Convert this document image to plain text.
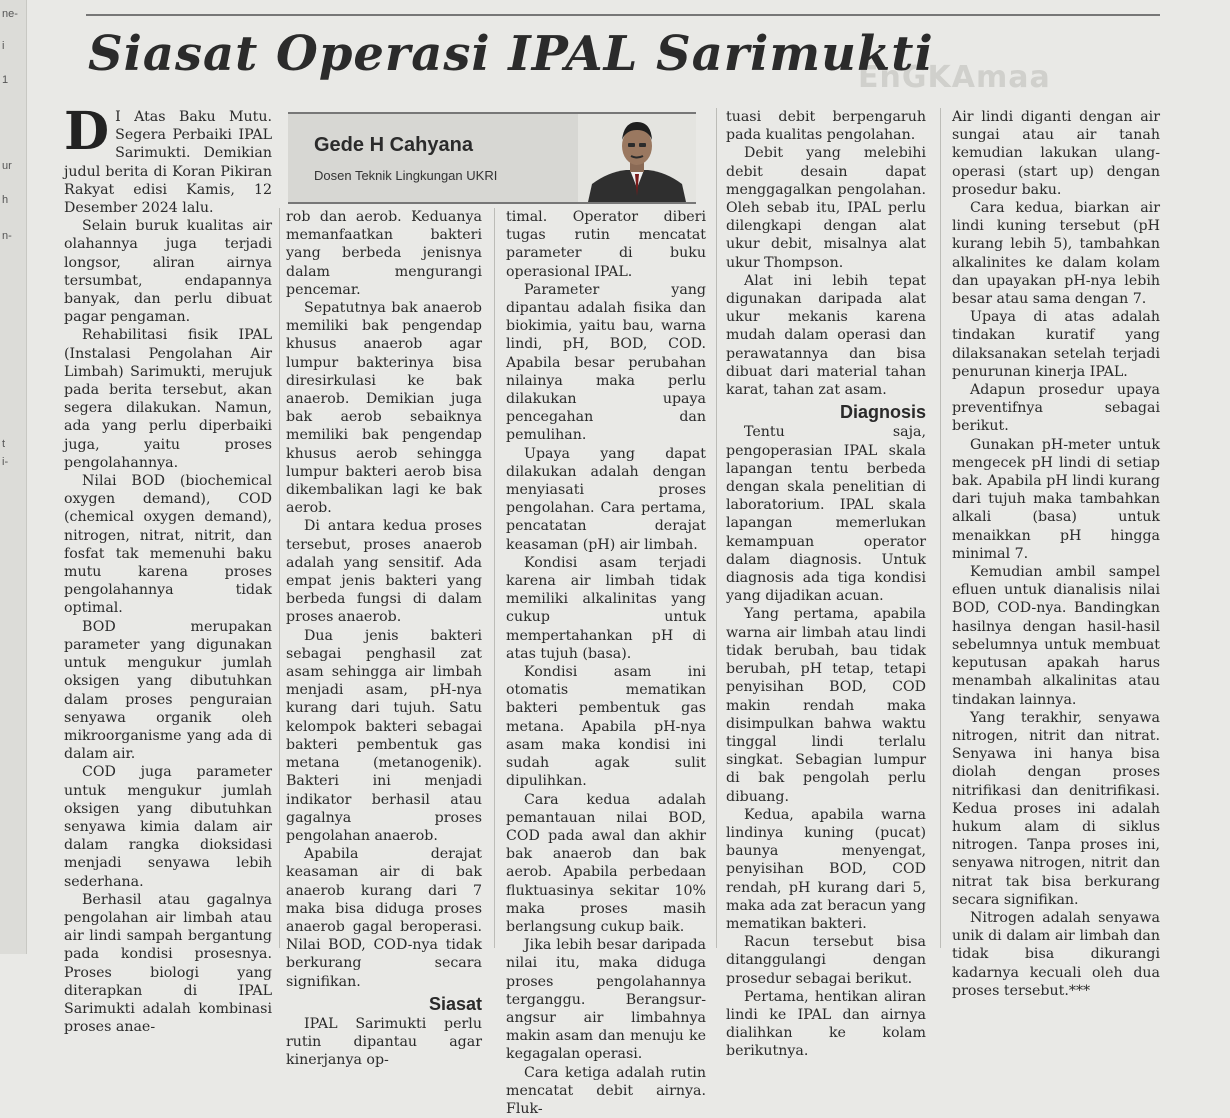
ne-
i
1
ur
h
n-
t
i-
EnGKAmaa
Siasat Operasi IPAL Sarimukti
Gede H Cahyana
Dosen Teknik Lingkungan UKRI

D I Atas Baku Mutu. Segera Perbaiki IPAL Sarimukti. Demikian judul berita di Koran Pikiran Rakyat edisi Kamis, 12 Desember 2024 lalu.

Selain buruk kualitas air olahannya juga terjadi longsor, aliran airnya tersumbat, endapannya banyak, dan perlu dibuat pagar pengaman.

Rehabilitasi fisik IPAL (Instalasi Pengolahan Air Limbah) Sarimukti, merujuk pada berita tersebut, akan segera dilakukan. Namun, ada yang perlu diperbaiki juga, yaitu proses pengolahannya.

Nilai BOD (biochemical oxygen demand), COD (chemical oxygen demand), nitrogen, nitrat, nitrit, dan fosfat tak memenuhi baku mutu karena proses pengolahannya tidak optimal.

BOD merupakan parameter yang digunakan untuk mengukur jumlah oksigen yang dibutuhkan dalam proses penguraian senyawa organik oleh mikroorganisme yang ada di dalam air.

COD juga parameter untuk mengukur jumlah oksigen yang dibutuhkan senyawa kimia dalam air dalam rangka dioksidasi menjadi senyawa lebih sederhana.

Berhasil atau gagalnya pengolahan air limbah atau air lindi sampah bergantung pada kondisi prosesnya. Proses biologi yang diterapkan di IPAL Sarimukti adalah kombinasi proses anae-

rob dan aerob. Keduanya memanfaatkan bakteri yang berbeda jenisnya dalam mengurangi pencemar.

Sepatutnya bak anaerob memiliki bak pengendap khusus anaerob agar lumpur bakterinya bisa diresirkulasi ke bak anaerob. Demikian juga bak aerob sebaiknya memiliki bak pengendap khusus aerob sehingga lumpur bakteri aerob bisa dikembalikan lagi ke bak aerob.

Di antara kedua proses tersebut, proses anaerob adalah yang sensitif. Ada empat jenis bakteri yang berbeda fungsi di dalam proses anaerob.

Dua jenis bakteri sebagai penghasil zat asam sehingga air limbah menjadi asam, pH-nya kurang dari tujuh. Satu kelompok bakteri sebagai bakteri pembentuk gas metana (metanogenik). Bakteri ini menjadi indikator berhasil atau gagalnya proses pengolahan anaerob.

Apabila derajat keasaman air di bak anaerob kurang dari 7 maka bisa diduga proses anaerob gagal beroperasi. Nilai BOD, COD-nya tidak berkurang secara signifikan.

Siasat

IPAL Sarimukti perlu rutin dipantau agar kinerjanya op-

timal. Operator diberi tugas rutin mencatat parameter di buku operasional IPAL.

Parameter yang dipantau adalah fisika dan biokimia, yaitu bau, warna lindi, pH, BOD, COD. Apabila besar perubahan nilainya maka perlu dilakukan upaya pencegahan dan pemulihan.

Upaya yang dapat dilakukan adalah dengan menyiasati proses pengolahan. Cara pertama, pencatatan derajat keasaman (pH) air limbah.

Kondisi asam terjadi karena air limbah tidak memiliki alkalinitas yang cukup untuk mempertahankan pH di atas tujuh (basa).

Kondisi asam ini otomatis mematikan bakteri pembentuk gas metana. Apabila pH-nya asam maka kondisi ini sudah agak sulit dipulihkan.

Cara kedua adalah pemantauan nilai BOD, COD pada awal dan akhir bak anaerob dan bak aerob. Apabila perbedaan fluktuasinya sekitar 10% maka proses masih berlangsung cukup baik.

Jika lebih besar daripada nilai itu, maka diduga proses pengolahannya terganggu. Berangsur-angsur air limbahnya makin asam dan menuju ke kegagalan operasi.

Cara ketiga adalah rutin mencatat debit airnya. Fluk-

tuasi debit berpengaruh pada kualitas pengolahan.

Debit yang melebihi debit desain dapat menggagalkan pengolahan. Oleh sebab itu, IPAL perlu dilengkapi dengan alat ukur debit, misalnya alat ukur Thompson.

Alat ini lebih tepat digunakan daripada alat ukur mekanis karena mudah dalam operasi dan perawatannya dan bisa dibuat dari material tahan karat, tahan zat asam.

Diagnosis

Tentu saja, pengoperasian IPAL skala lapangan tentu berbeda dengan skala penelitian di laboratorium. IPAL skala lapangan memerlukan kemampuan operator dalam diagnosis. Untuk diagnosis ada tiga kondisi yang dijadikan acuan.

Yang pertama, apabila warna air limbah atau lindi tidak berubah, bau tidak berubah, pH tetap, tetapi penyisihan BOD, COD makin rendah maka disimpulkan bahwa waktu tinggal lindi terlalu singkat. Sebagian lumpur di bak pengolah perlu dibuang.

Kedua, apabila warna lindinya kuning (pucat) baunya menyengat, penyisihan BOD, COD rendah, pH kurang dari 5, maka ada zat beracun yang mematikan bakteri.

Racun tersebut bisa ditanggulangi dengan prosedur sebagai berikut.

Pertama, hentikan aliran lindi ke IPAL dan airnya dialihkan ke kolam berikutnya.

Air lindi diganti dengan air sungai atau air tanah kemudian lakukan ulang-operasi (start up) dengan prosedur baku.

Cara kedua, biarkan air lindi kuning tersebut (pH kurang lebih 5), tambahkan alkalinites ke dalam kolam dan upayakan pH-nya lebih besar atau sama dengan 7.

Upaya di atas adalah tindakan kuratif yang dilaksanakan setelah terjadi penurunan kinerja IPAL.

Adapun prosedur upaya preventifnya sebagai berikut.

Gunakan pH-meter untuk mengecek pH lindi di setiap bak. Apabila pH lindi kurang dari tujuh maka tambahkan alkali (basa) untuk menaikkan pH hingga minimal 7.

Kemudian ambil sampel efluen untuk dianalisis nilai BOD, COD-nya. Bandingkan hasilnya dengan hasil-hasil sebelumnya untuk membuat keputusan apakah harus menambah alkalinitas atau tindakan lainnya.

Yang terakhir, senyawa nitrogen, nitrit dan nitrat. Senyawa ini hanya bisa diolah dengan proses nitrifikasi dan denitrifikasi. Kedua proses ini adalah hukum alam di siklus nitrogen. Tanpa proses ini, senyawa nitrogen, nitrit dan nitrat tak bisa berkurang secara signifikan.

Nitrogen adalah senyawa unik di dalam air limbah dan tidak bisa dikurangi kadarnya kecuali oleh dua proses tersebut.***
